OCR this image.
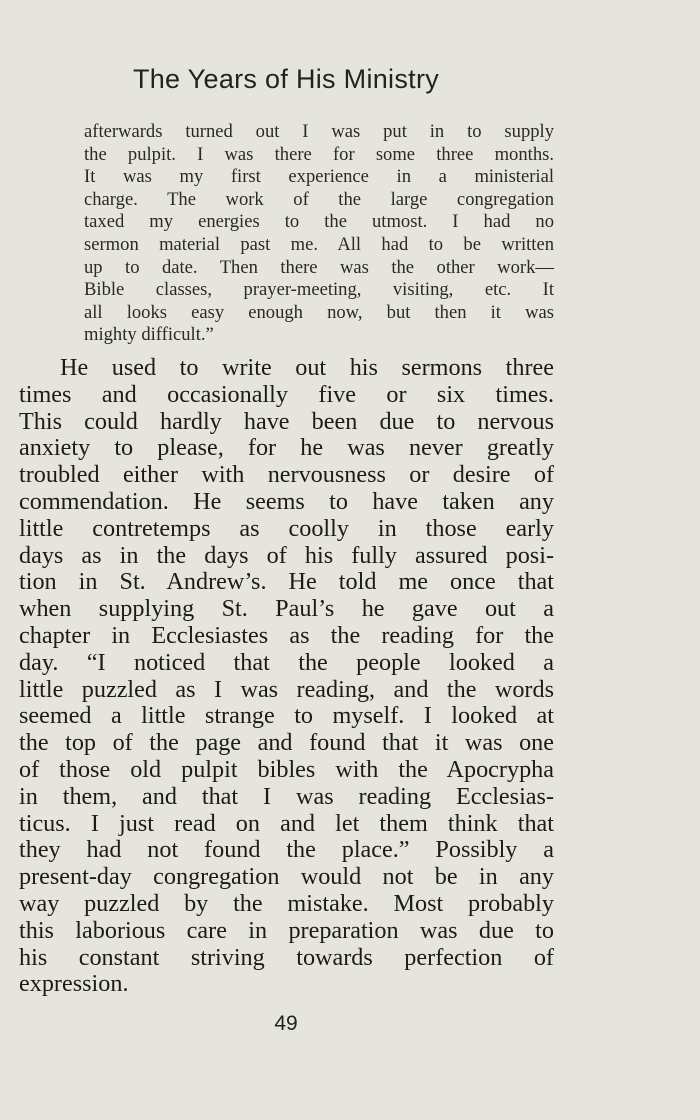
The Years of His Ministry
afterwards turned out I was put in to supply
the pulpit. I was there for some three months.
It was my first experience in a ministerial
charge. The work of the large congregation
taxed my energies to the utmost. I had no
sermon material past me. All had to be written
up to date. Then there was the other work—
Bible classes, prayer-meeting, visiting, etc. It
all looks easy enough now, but then it was
mighty difficult.”
He used to write out his sermons three
times and occasionally five or six times.
This could hardly have been due to nervous
anxiety to please, for he was never greatly
troubled either with nervousness or desire of
commendation. He seems to have taken any
little contretemps as coolly in those early
days as in the days of his fully assured posi-
tion in St. Andrew’s. He told me once that
when supplying St. Paul’s he gave out a
chapter in Ecclesiastes as the reading for the
day. “I noticed that the people looked a
little puzzled as I was reading, and the words
seemed a little strange to myself. I looked at
the top of the page and found that it was one
of those old pulpit bibles with the Apocrypha
in them, and that I was reading Ecclesias-
ticus. I just read on and let them think that
they had not found the place.” Possibly a
present-day congregation would not be in any
way puzzled by the mistake. Most probably
this laborious care in preparation was due to
his constant striving towards perfection of
expression.
49
